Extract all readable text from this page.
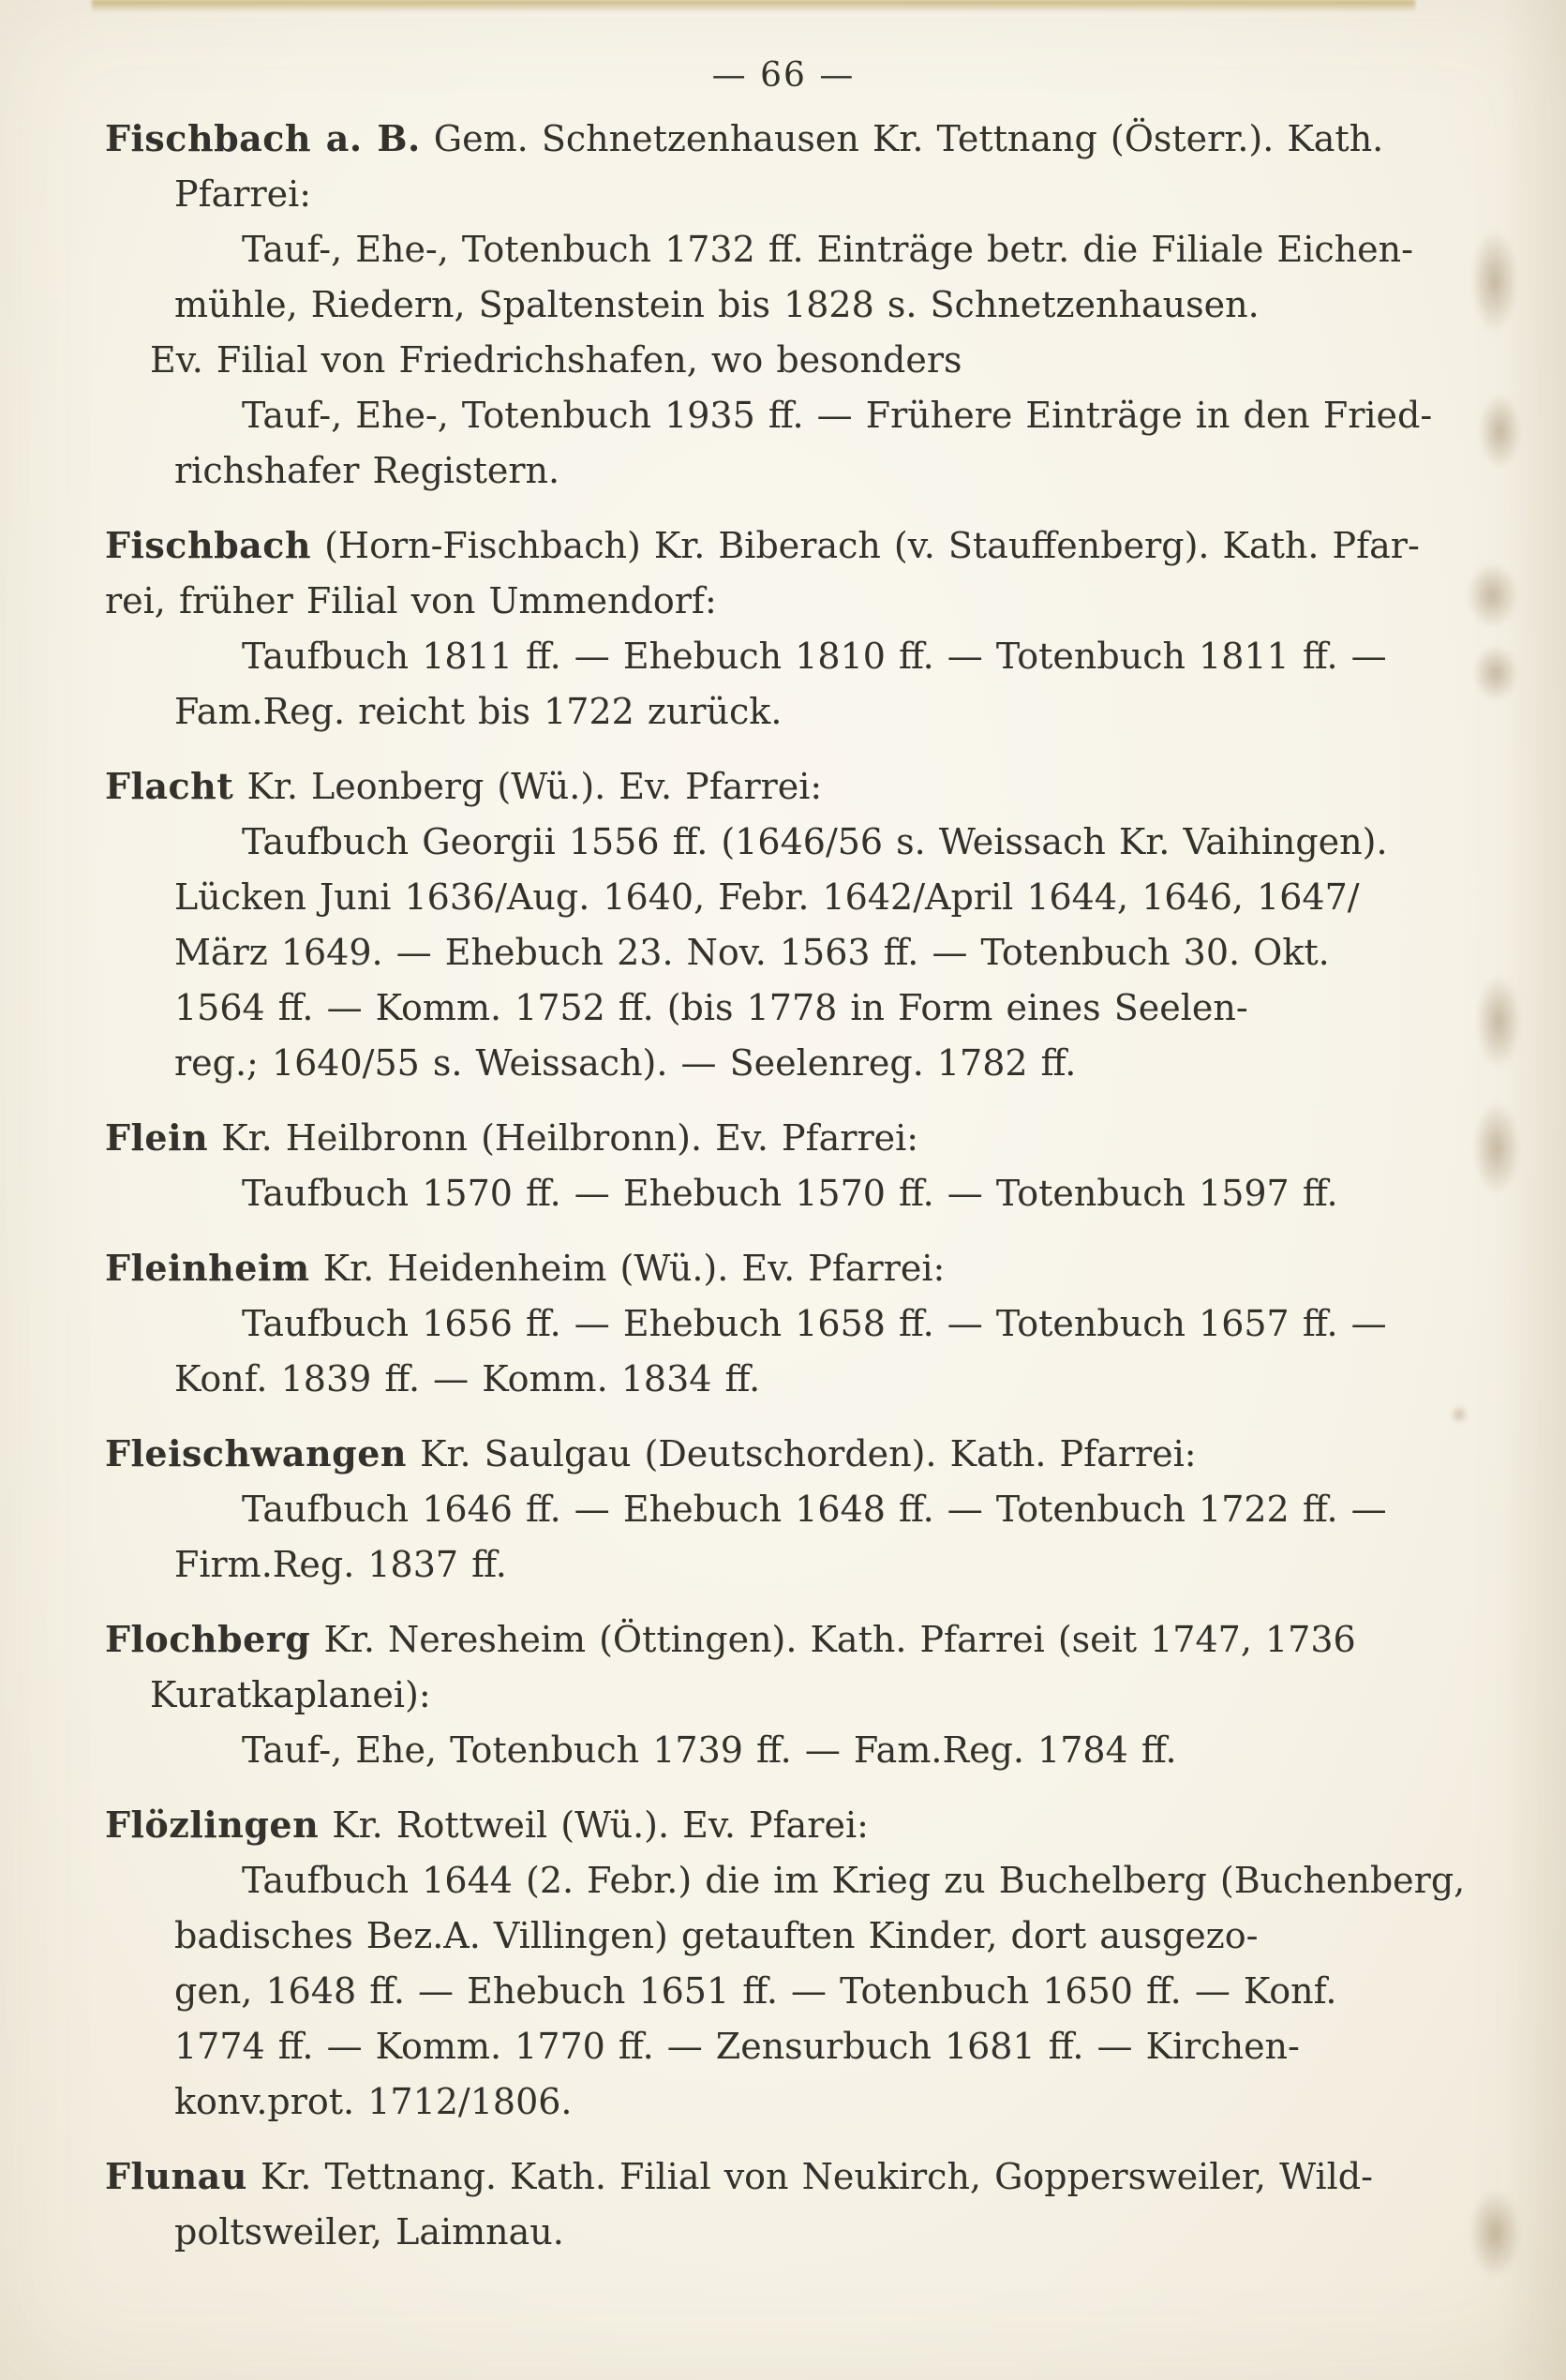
— 66 —
Fischbach a. B. Gem. Schnetzenhausen Kr. Tettnang (Österr.). Kath.
Pfarrei:
Tauf-, Ehe-, Totenbuch 1732 ff. Einträge betr. die Filiale Eichen-
mühle, Riedern, Spaltenstein bis 1828 s. Schnetzenhausen.
Ev. Filial von Friedrichshafen, wo besonders
Tauf-, Ehe-, Totenbuch 1935 ff. — Frühere Einträge in den Fried-
richshafer Registern.
Fischbach (Horn-Fischbach) Kr. Biberach (v. Stauffenberg). Kath. Pfar-
rei, früher Filial von Ummendorf:
Taufbuch 1811 ff. — Ehebuch 1810 ff. — Totenbuch 1811 ff. —
Fam.Reg. reicht bis 1722 zurück.
Flacht Kr. Leonberg (Wü.). Ev. Pfarrei:
Taufbuch Georgii 1556 ff. (1646/56 s. Weissach Kr. Vaihingen).
Lücken Juni 1636/Aug. 1640, Febr. 1642/April 1644, 1646, 1647/
März 1649. — Ehebuch 23. Nov. 1563 ff. — Totenbuch 30. Okt.
1564 ff. — Komm. 1752 ff. (bis 1778 in Form eines Seelen-
reg.; 1640/55 s. Weissach). — Seelenreg. 1782 ff.
Flein Kr. Heilbronn (Heilbronn). Ev. Pfarrei:
Taufbuch 1570 ff. — Ehebuch 1570 ff. — Totenbuch 1597 ff.
Fleinheim Kr. Heidenheim (Wü.). Ev. Pfarrei:
Taufbuch 1656 ff. — Ehebuch 1658 ff. — Totenbuch 1657 ff. —
Konf. 1839 ff. — Komm. 1834 ff.
Fleischwangen Kr. Saulgau (Deutschorden). Kath. Pfarrei:
Taufbuch 1646 ff. — Ehebuch 1648 ff. — Totenbuch 1722 ff. —
Firm.Reg. 1837 ff.
Flochberg Kr. Neresheim (Öttingen). Kath. Pfarrei (seit 1747, 1736
Kuratkaplanei):
Tauf-, Ehe, Totenbuch 1739 ff. — Fam.Reg. 1784 ff.
Flözlingen Kr. Rottweil (Wü.). Ev. Pfarei:
Taufbuch 1644 (2. Febr.) die im Krieg zu Buchelberg (Buchenberg,
badisches Bez.A. Villingen) getauften Kinder, dort ausgezo-
gen, 1648 ff. — Ehebuch 1651 ff. — Totenbuch 1650 ff. — Konf.
1774 ff. — Komm. 1770 ff. — Zensurbuch 1681 ff. — Kirchen-
konv.prot. 1712/1806.
Flunau Kr. Tettnang. Kath. Filial von Neukirch, Goppersweiler, Wild-
poltsweiler, Laimnau.
